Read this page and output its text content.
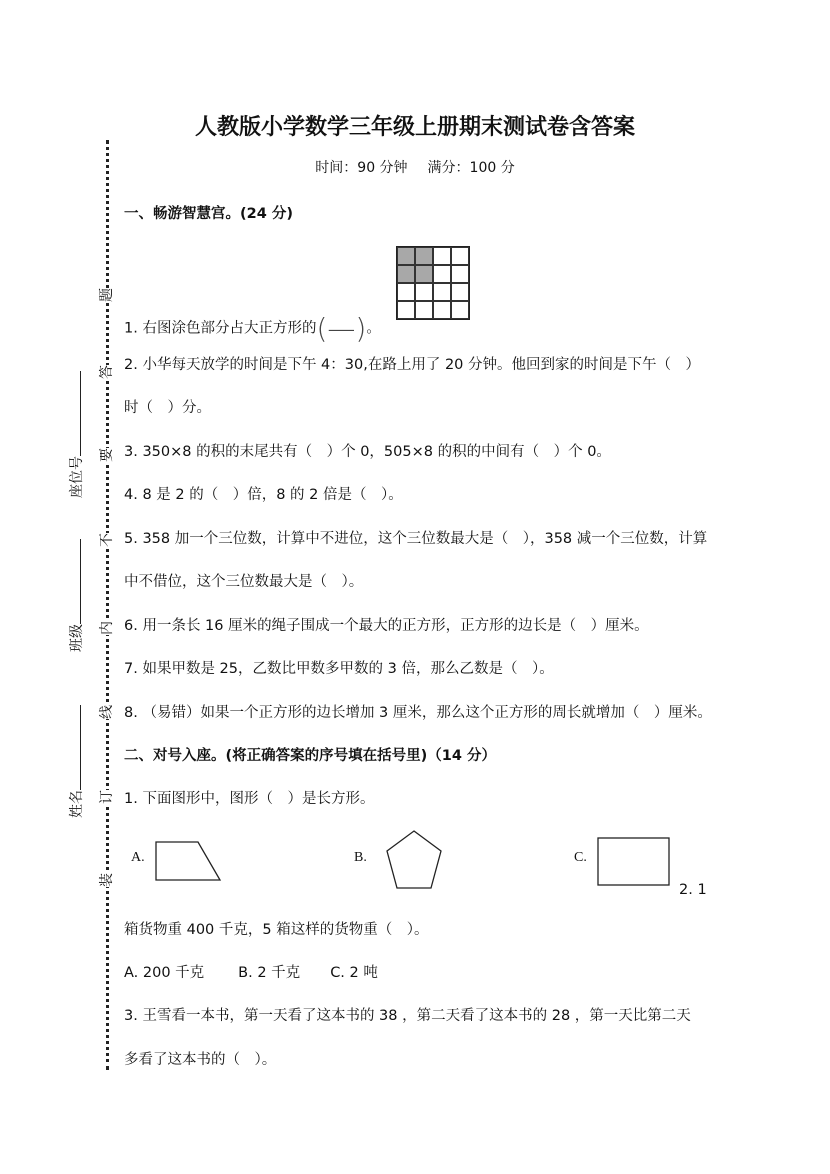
题
答
要
不
内
线
订
装
座位号
班级
姓名
人教版小学数学三年级上册期末测试卷含答案
时间：90 分钟 满分：100 分
一、畅游智慧宫。(24 分)
1. 右图涂色部分占大正方形的(—)。
2. 小华每天放学的时间是下午 4：30,在路上用了 20 分钟。他回到家的时间是下午（　）
时（　）分。
3. 350×8 的积的末尾共有（　）个 0，505×8 的积的中间有（　）个 0。
4. 8 是 2 的（　）倍，8 的 2 倍是（　）。
5. 358 加一个三位数，计算中不进位，这个三位数最大是（　），358 减一个三位数，计算
中不借位，这个三位数最大是（　）。
6. 用一条长 16 厘米的绳子围成一个最大的正方形，正方形的边长是（　）厘米。
7. 如果甲数是 25，乙数比甲数多甲数的 3 倍，那么乙数是（　）。
8. （易错）如果一个正方形的边长增加 3 厘米，那么这个正方形的周长就增加（　）厘米。
二、对号入座。(将正确答案的序号填在括号里)（14 分）
1. 下面图形中，图形（　）是长方形。
A.	B.	C.
2. 1
箱货物重 400 千克，5 箱这样的货物重（　）。
A. 200 千克 B. 2 千克 C. 2 吨
3. 王雪看一本书，第一天看了这本书的 38 ，第二天看了这本书的 28 ，第一天比第二天
多看了这本书的（　）。
